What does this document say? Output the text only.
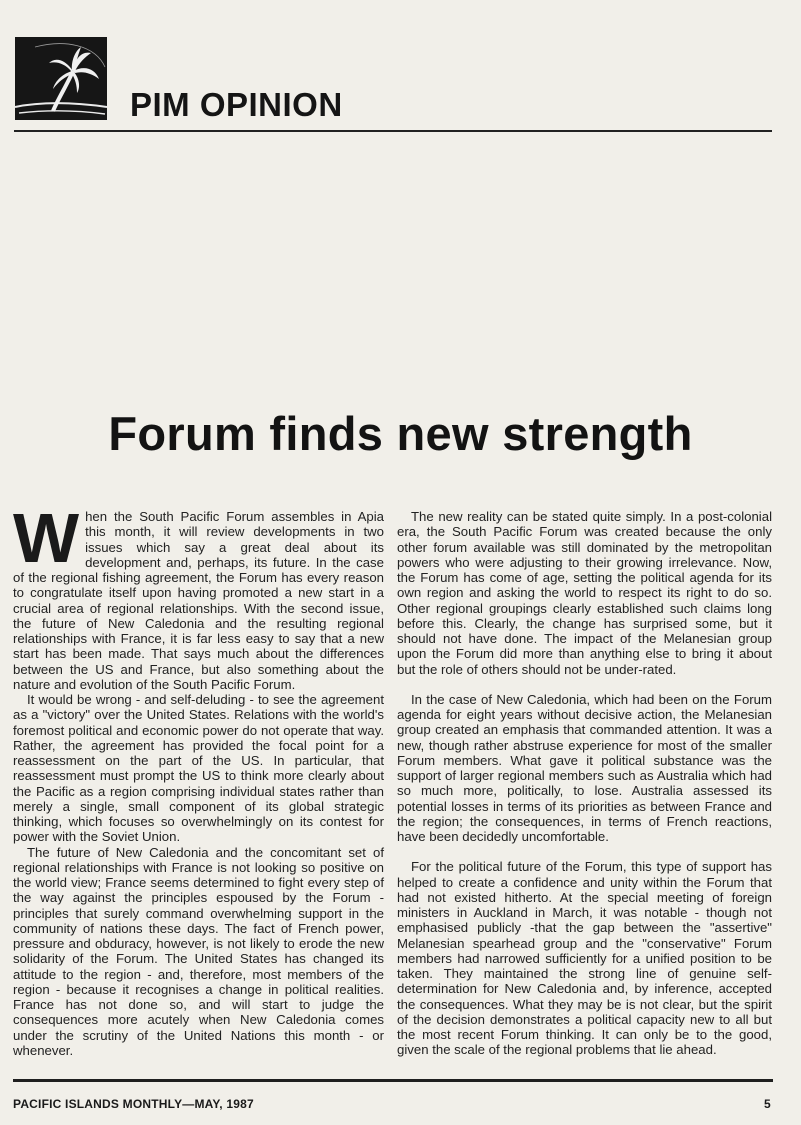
PIM OPINION
Forum finds new strength

When the South Pacific Forum assembles in Apia this month, it will review developments in two issues which say a great deal about its development and, perhaps, its future. In the case of the regional fishing agreement, the Forum has every reason to congratulate itself upon having promoted a new start in a crucial area of regional relationships. With the second issue, the future of New Caledonia and the resulting regional relationships with France, it is far less easy to say that a new start has been made. That says much about the differences between the US and France, but also something about the nature and evolution of the South Pacific Forum.

It would be wrong - and self-deluding - to see the agreement as a "victory" over the United States. Relations with the world's foremost political and economic power do not operate that way. Rather, the agreement has provided the focal point for a reassessment on the part of the US. In particular, that reassessment must prompt the US to think more clearly about the Pacific as a region comprising individual states rather than merely a single, small component of its global strategic thinking, which focuses so overwhelmingly on its contest for power with the Soviet Union.

The future of New Caledonia and the concomitant set of regional relationships with France is not looking so positive on the world view; France seems determined to fight every step of the way against the principles espoused by the Forum - principles that surely command overwhelming support in the community of nations these days. The fact of French power, pressure and obduracy, however, is not likely to erode the new solidarity of the Forum. The United States has changed its attitude to the region - and, therefore, most members of the region - because it recognises a change in political realities. France has not done so, and will start to judge the consequences more acutely when New Caledonia comes under the scrutiny of the United Nations this month - or whenever.

The new reality can be stated quite simply. In a post-colonial era, the South Pacific Forum was created because the only other forum available was still dominated by the metropolitan powers who were adjusting to their growing irrelevance. Now, the Forum has come of age, setting the political agenda for its own region and asking the world to respect its right to do so. Other regional groupings clearly established such claims long before this. Clearly, the change has surprised some, but it should not have done. The impact of the Melanesian group upon the Forum did more than anything else to bring it about but the role of others should not be under-rated.

In the case of New Caledonia, which had been on the Forum agenda for eight years without decisive action, the Melanesian group created an emphasis that commanded attention. It was a new, though rather abstruse experience for most of the smaller Forum members. What gave it political substance was the support of larger regional members such as Australia which had so much more, politically, to lose. Australia assessed its potential losses in terms of its priorities as between France and the region; the consequences, in terms of French reactions, have been decidedly uncomfortable.

For the political future of the Forum, this type of support has helped to create a confidence and unity within the Forum that had not existed hitherto. At the special meeting of foreign ministers in Auckland in March, it was notable - though not emphasised publicly -that the gap between the "assertive" Melanesian spearhead group and the "conservative" Forum members had narrowed sufficiently for a unified position to be taken. They maintained the strong line of genuine self-determination for New Caledonia and, by inference, accepted the consequences. What they may be is not clear, but the spirit of the decision demonstrates a political capacity new to all but the most recent Forum thinking. It can only be to the good, given the scale of the regional problems that lie ahead.

PACIFIC ISLANDS MONTHLY—MAY, 1987	5
